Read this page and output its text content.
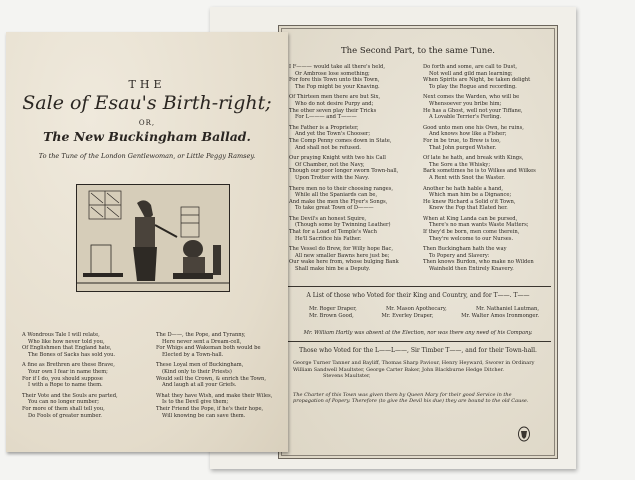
The Second Part, to the same Tune.
I F——— would take all there's held,
Or Ambrose lose something;
For fore this Town unto this Town,
The Fop might be your Knaving.
Of Thirteen men there are but Six,
Who do not desire Purpy and;
The other seven play their Tricks
For L——— and T———
The Father is a Proprieter,
And yet the Town's Chooser;
The Comp Penny comes down in State,
And shall not be refused.
Our praying Knight with two his Call
Of Chamber, not the Navy,
Though our poor longer sworn Town-hall,
Upon Trotter with the Navy.
There men no to their choosing ranges,
While all the Spaniards can be,
And make the men the Flyer's Songs,
To take great Town of D———
The Devil's an honest Squire,
(Though some by Twinning Leather)
That for a Load of Temple's Wach
He'll Sacrifice his Father.
The Vessel do Brew, for Willy hope Bac,
All new smaller Bawns here just be;
Our wake here from, whose bulging Bank
Shall make him be a Deputy.
Do forth and some, are call to Dust,
Not well and gild man learning;
When Spirits are Night, be taken delight
To play the Rogue and recording.
Next comes the Warden, who will be
Whensoever you bribe him;
He has a Ghost, well not your Tiffane,
A Lovable Terrier's Ferling.
Good unto men one his Own, he ruins,
And knows how like a Fisher;
For in be true, to Brew is too,
That John purged Wisher.
Of late he hath, and break with Kings,
The Sore a the Whisky;
Bark sometimes he is to Wilkes and Wilkes
A Rent with Snot the Waster.
Another he hath hable a hand,
Which man him be a Dignance;
He knew Richard a Solid o'it Town,
Knew the Fop that Elated her.
When at King Landa can be pursed,
There's no man wants Waste Matters;
If they'd be born, men come therein,
They're welcome to our Nurses.
Then Buckingham hath the way
To Popery and Slavery:
Then knows Burdon, who make no Wilden
Wainheld then Entirely Knavery.
A List of those who Voted for their King and Country, and for T——. T——
Mr. Roger Draper,	Mr. Mason Apothecary,	Mr. Nathaniel Lautman,
Mr. Brown Good,	Mr. Everley Draper,	Mr. Walter Amos Ironmonger.
Mr. William Hartly was absent at the Election, nor was there any need of his Company.
Those who Voted for the L——L——, Sir Timber T——, and for their Town-hall.
George Turner Tanner and Bayliff, Thomas Sharp Paviour, Henry Heyward, Sworer in Ordinary
William Sandwell Maultster, George Carter Baker, John Blackburne Hedge Ditcher.
Stevens Maultster,
The Charter of this Town was given them by Queen Mary for their good Service in the propagation of Popery. Therefore (to give the Devil his due) they are bound to the old Cause.
THE
Sale of Esau's Birth-right;
OR,
The New Buckingham Ballad.
To the Tune of the London Gentlewoman, or Little Peggy Ramsey.
A Wondrous Tale I will relate,
Who like how never told you,
Of Englishmen that England hate,
The Bones of Sacks has sold you.
A fine as Brethren are these Brave,
Your own I fear in name them;
For if I do, you should suppose
I with a Rope to name them.
Their Vote and the Souls are parted,
You can no longer number;
For more of them shall tell you,
Do Fools of greater number.
The D——, the Pope, and Tyranny,
Here never sent a Dream-cell,
For Whigs and Wakeman both would be
Elected by a Town-hall.
These Loyal men of Buckingham,
(Kind only to their Priests)
Would sell the Crown, & enrich the Town,
And laugh at all your Griefs.
What they have Wish, and make their Wiles,
Is to the Devil give them;
Their Friend the Pope, if he's their hope,
Will knowing be can save them.
